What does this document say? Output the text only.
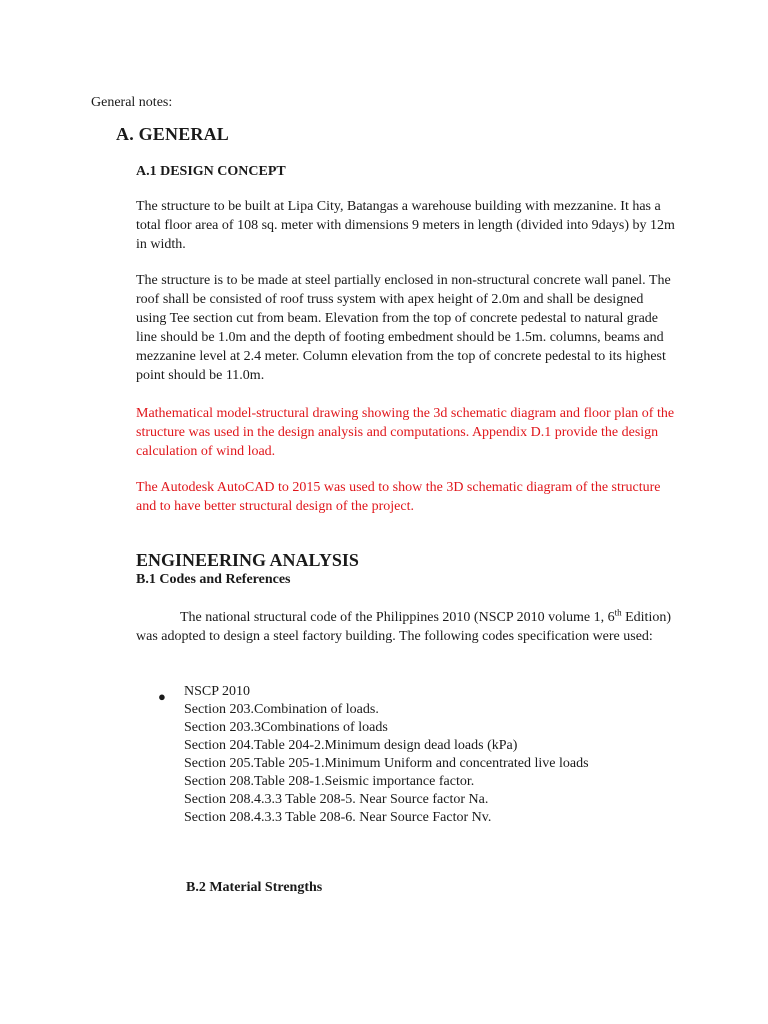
General notes:
A. GENERAL
A.1 DESIGN CONCEPT
The structure to be built at Lipa City, Batangas a warehouse building with mezzanine. It has a total floor area of 108 sq. meter with dimensions 9 meters in length (divided into 9days) by 12m in width.
The structure is to be made at steel partially enclosed in non-structural concrete wall panel. The roof shall be consisted of roof truss system with apex height of 2.0m and shall be designed using Tee section cut from beam. Elevation from the top of concrete pedestal to natural grade line should be 1.0m and the depth of footing embedment should be 1.5m. columns, beams and mezzanine level at 2.4 meter. Column elevation from the top of concrete pedestal to its highest point should be 11.0m.
Mathematical model-structural drawing showing the 3d schematic diagram and floor plan of the structure was used in the design analysis and computations. Appendix D.1 provide the design calculation of wind load.
The Autodesk AutoCAD to 2015 was used to show the 3D schematic diagram of the structure and to have better structural design of the project.
ENGINEERING ANALYSIS
B.1 Codes and References
The national structural code of the Philippines 2010 (NSCP 2010 volume 1, 6th Edition) was adopted to design a steel factory building. The following codes specification were used:
● NSCP 2010
Section 203.Combination of loads.
Section 203.3Combinations of loads
Section 204.Table 204-2.Minimum design dead loads (kPa)
Section 205.Table 205-1.Minimum Uniform and concentrated live loads
Section 208.Table 208-1.Seismic importance factor.
Section 208.4.3.3 Table 208-5. Near Source factor Na.
Section 208.4.3.3 Table 208-6. Near Source Factor Nv.
B.2 Material Strengths
